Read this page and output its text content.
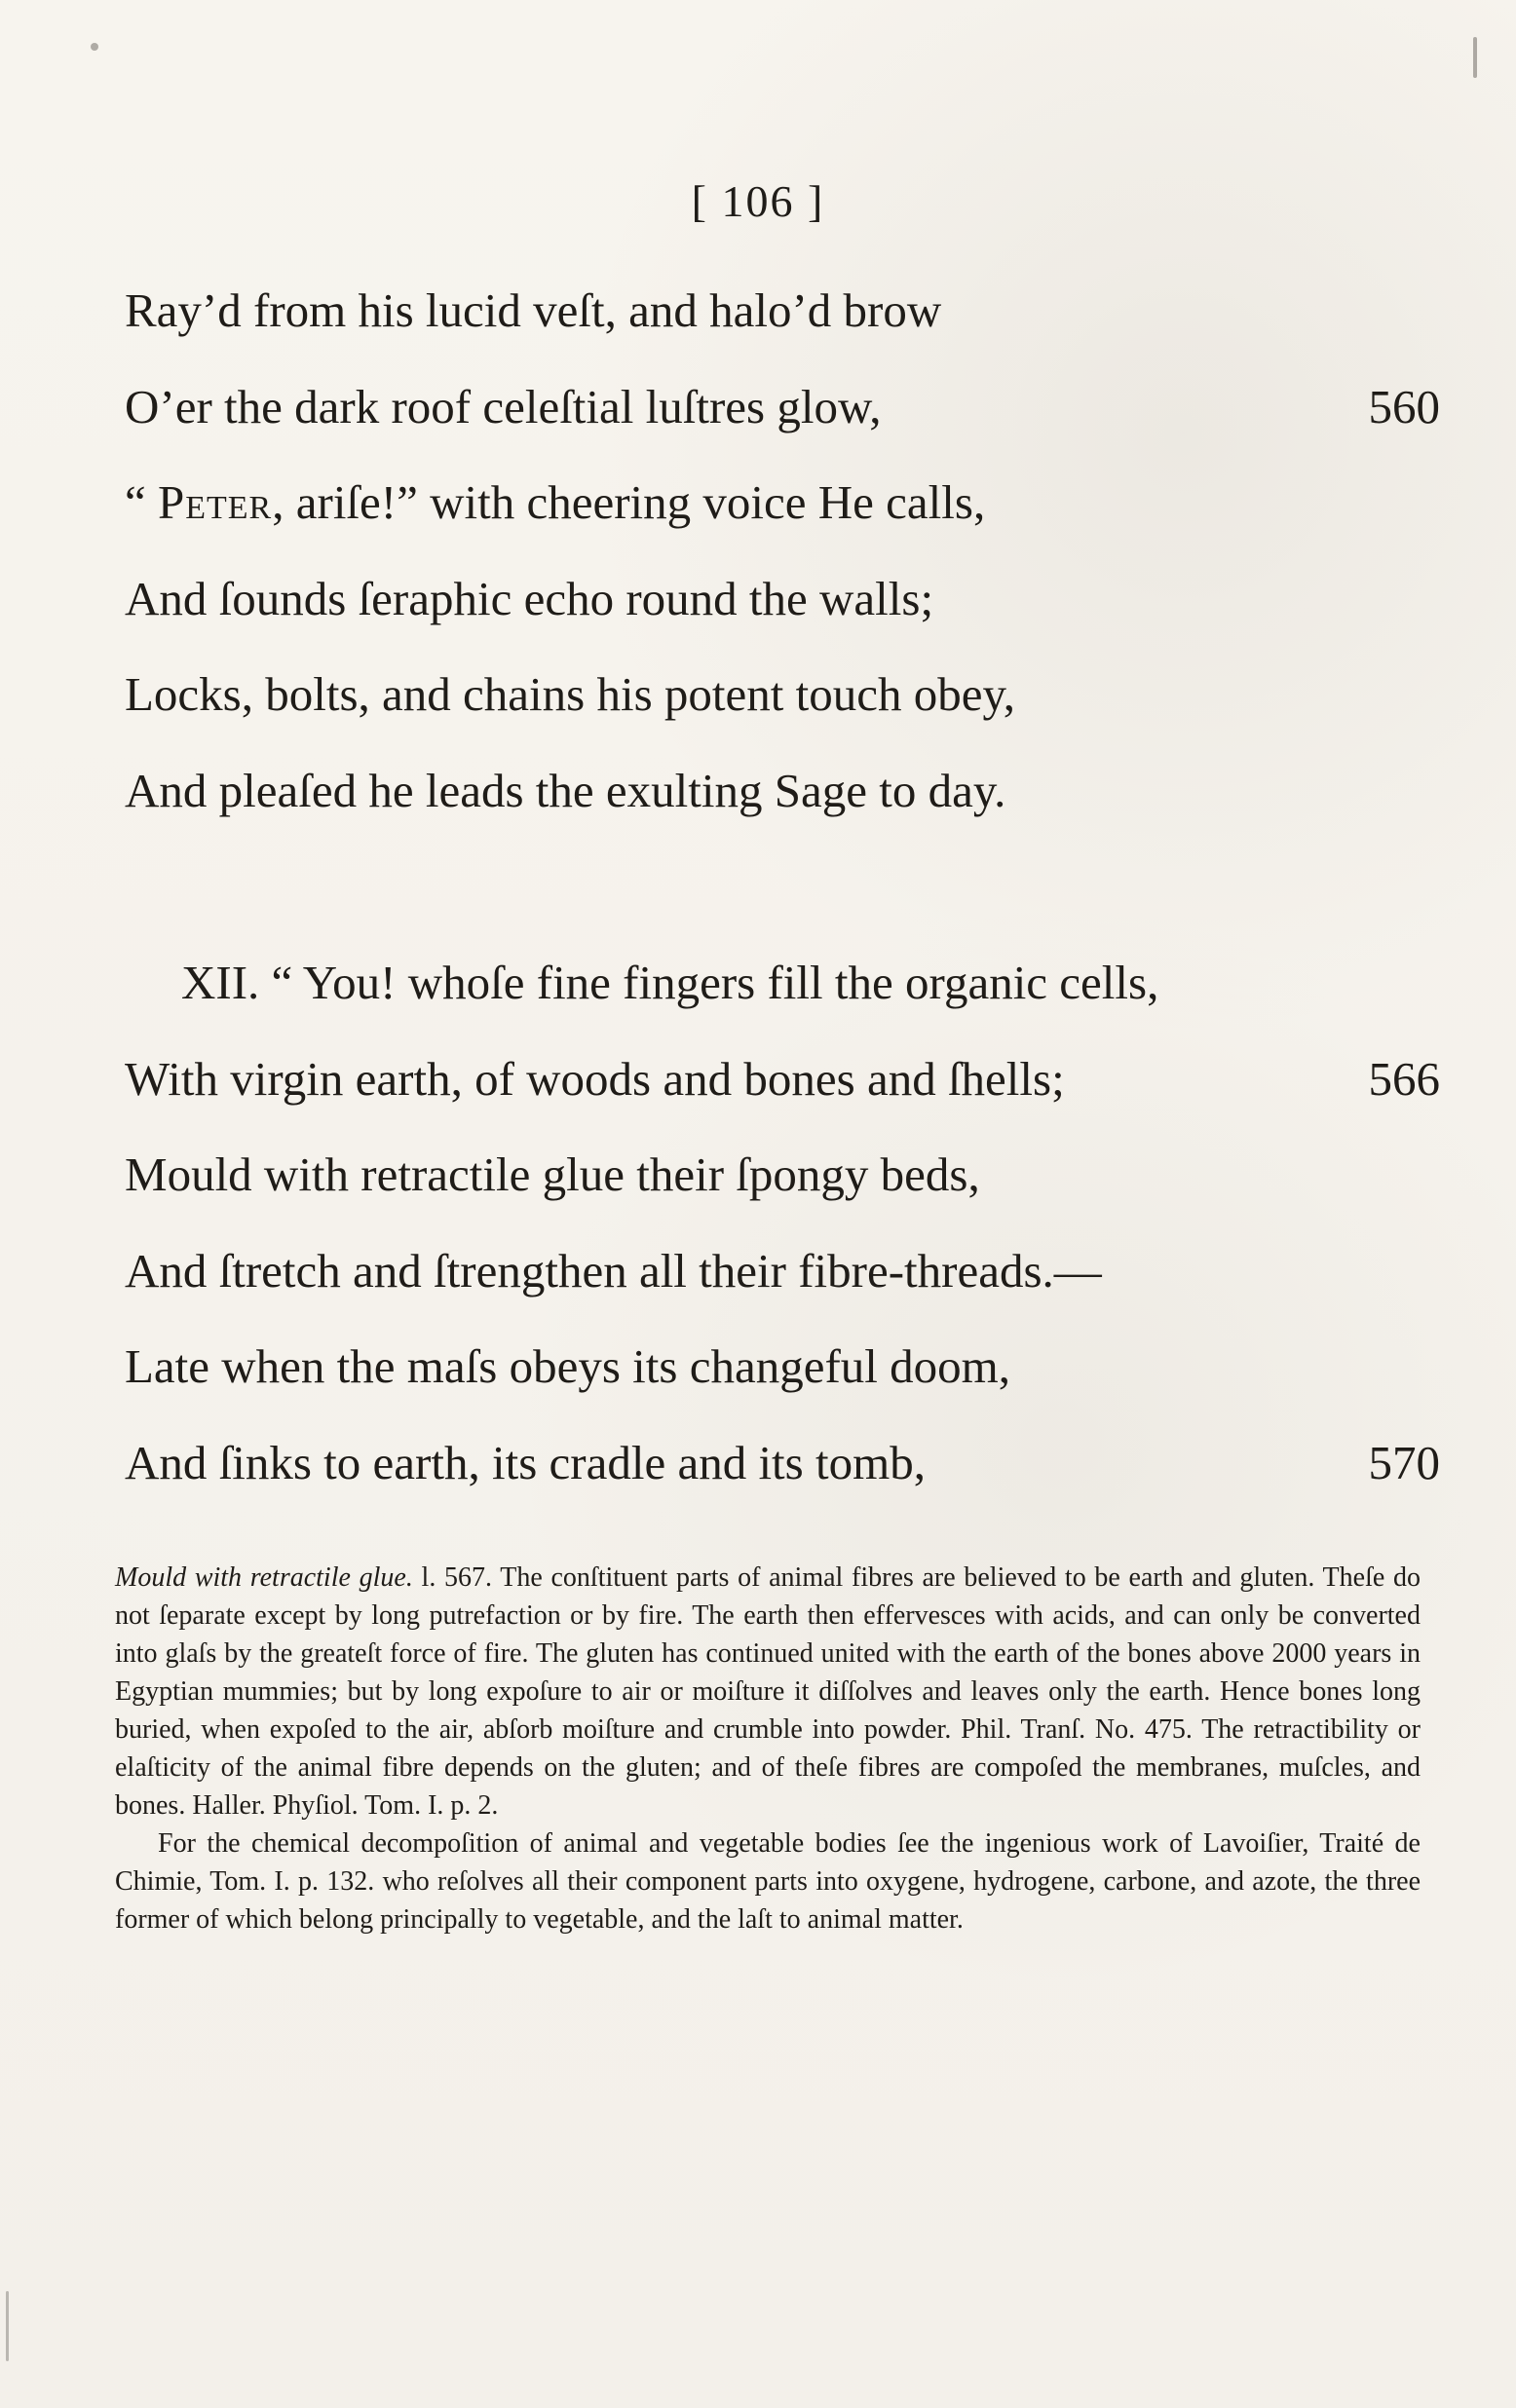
[ 106 ]
Ray’d from his lucid veſt, and halo’d brow
O’er the dark roof celeſtial luſtres glow,	560
“ Peter, ariſe!” with cheering voice He calls,
And ſounds ſeraphic echo round the walls;
Locks, bolts, and chains his potent touch obey,
And pleaſed he leads the exulting Sage to day.
XII. “ You! whoſe fine fingers fill the organic cells,
With virgin earth, of woods and bones and ſhells;	566
Mould with retractile glue their ſpongy beds,
And ſtretch and ſtrengthen all their fibre-threads.—
Late when the maſs obeys its changeful doom,
And ſinks to earth, its cradle and its tomb,	570

Mould with retractile glue. l. 567. The conſtituent parts of animal fibres are believed to be earth and gluten. Theſe do not ſeparate except by long putrefaction or by fire. The earth then effervesces with acids, and can only be converted into glaſs by the greateſt force of fire. The gluten has continued united with the earth of the bones above 2000 years in Egyptian mummies; but by long expoſure to air or moiſture it diſſolves and leaves only the earth. Hence bones long buried, when expoſed to the air, abſorb moiſture and crumble into powder. Phil. Tranſ. No. 475. The retractibility or elaſticity of the animal fibre depends on the gluten; and of theſe fibres are compoſed the membranes, muſcles, and bones. Haller. Phyſiol. Tom. I. p. 2.

For the chemical decompoſition of animal and vegetable bodies ſee the ingenious work of Lavoiſier, Traité de Chimie, Tom. I. p. 132. who reſolves all their component parts into oxygene, hydrogene, carbone, and azote, the three former of which belong principally to vegetable, and the laſt to animal matter.
